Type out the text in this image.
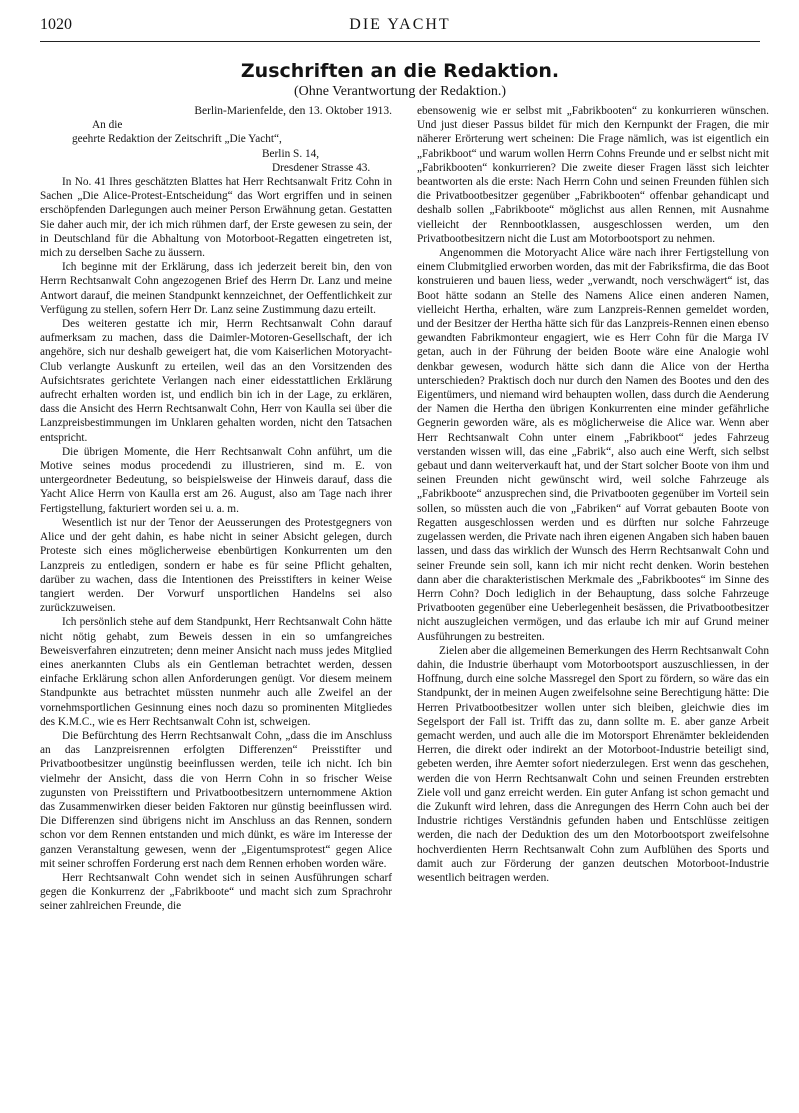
1020	DIE YACHT
Zuschriften an die Redaktion.
(Ohne Verantwortung der Redaktion.)

Berlin-Marienfelde, den 13. Oktober 1913.

An die

geehrte Redaktion der Zeitschrift „Die Yacht“,

Berlin S. 14,

Dresdener Strasse 43.

In No. 41 Ihres geschätzten Blattes hat Herr Rechtsanwalt Fritz Cohn in Sachen „Die Alice-Protest-Entscheidung“ das Wort ergriffen und in seinen erschöpfenden Darlegungen auch meiner Person Erwähnung getan. Gestatten Sie daher auch mir, der ich mich rühmen darf, der Erste gewesen zu sein, der in Deutschland für die Abhaltung von Motorboot-Regatten eingetreten ist, mich zu derselben Sache zu äussern.

Ich beginne mit der Erklärung, dass ich jederzeit bereit bin, den von Herrn Rechtsanwalt Cohn angezogenen Brief des Herrn Dr. Lanz und meine Antwort darauf, die meinen Standpunkt kennzeichnet, der Oeffentlichkeit zur Verfügung zu stellen, sofern Herr Dr. Lanz seine Zustimmung dazu erteilt.

Des weiteren gestatte ich mir, Herrn Rechtsanwalt Cohn darauf aufmerksam zu machen, dass die Daimler-Motoren-Gesellschaft, der ich angehöre, sich nur deshalb geweigert hat, die vom Kaiserlichen Motoryacht-Club verlangte Auskunft zu erteilen, weil das an den Vorsitzenden des Aufsichtsrates gerichtete Verlangen nach einer eidesstattlichen Erklärung aufrecht erhalten worden ist, und endlich bin ich in der Lage, zu erklären, dass die Ansicht des Herrn Rechtsanwalt Cohn, Herr von Kaulla sei über die Lanzpreisbestimmungen im Unklaren gehalten worden, nicht den Tatsachen entspricht.

Die übrigen Momente, die Herr Rechtsanwalt Cohn anführt, um die Motive seines modus procedendi zu illustrieren, sind m. E. von untergeordneter Bedeutung, so beispielsweise der Hinweis darauf, dass die Yacht Alice Herrn von Kaulla erst am 26. August, also am Tage nach ihrer Fertigstellung, fakturiert worden sei u. a. m.

Wesentlich ist nur der Tenor der Aeusserungen des Protestgegners von Alice und der geht dahin, es habe nicht in seiner Absicht gelegen, durch Proteste sich eines möglicherweise ebenbürtigen Konkurrenten um den Lanzpreis zu entledigen, sondern er habe es für seine Pflicht gehalten, darüber zu wachen, dass die Intentionen des Preisstifters in keiner Weise tangiert werden. Der Vorwurf unsportlichen Handelns sei also zurückzuweisen.

Ich persönlich stehe auf dem Standpunkt, Herr Rechtsanwalt Cohn hätte nicht nötig gehabt, zum Beweis dessen in ein so umfangreiches Beweisverfahren einzutreten; denn meiner Ansicht nach muss jedes Mitglied eines anerkannten Clubs als ein Gentleman betrachtet werden, dessen einfache Erklärung schon allen Anforderungen genügt. Vor diesem meinem Standpunkte aus betrachtet müssten nunmehr auch alle Zweifel an der vornehmsportlichen Gesinnung eines noch dazu so prominenten Mitgliedes des K.M.C., wie es Herr Rechtsanwalt Cohn ist, schweigen.

Die Befürchtung des Herrn Rechtsanwalt Cohn, „dass die im Anschluss an das Lanzpreisrennen erfolgten Differenzen“ Preisstifter und Privatbootbesitzer ungünstig beeinflussen werden, teile ich nicht. Ich bin vielmehr der Ansicht, dass die von Herrn Cohn in so frischer Weise zugunsten von Preisstiftern und Privatbootbesitzern unternommene Aktion das Zusammenwirken dieser beiden Faktoren nur günstig beeinflussen wird. Die Differenzen sind übrigens nicht im Anschluss an das Rennen, sondern schon vor dem Rennen entstanden und mich dünkt, es wäre im Interesse der ganzen Veranstaltung gewesen, wenn der „Eigentumsprotest“ gegen Alice mit seiner schroffen Forderung erst nach dem Rennen erhoben worden wäre.

Herr Rechtsanwalt Cohn wendet sich in seinen Ausführungen scharf gegen die Konkurrenz der „Fabrikboote“ und macht sich zum Sprachrohr seiner zahlreichen Freunde, die

ebensowenig wie er selbst mit „Fabrikbooten“ zu konkurrieren wünschen. Und just dieser Passus bildet für mich den Kernpunkt der Fragen, die mir näherer Erörterung wert scheinen: Die Frage nämlich, was ist eigentlich ein „Fabrikboot“ und warum wollen Herrn Cohns Freunde und er selbst nicht mit „Fabrikbooten“ konkurrieren? Die zweite dieser Fragen lässt sich leichter beantworten als die erste: Nach Herrn Cohn und seinen Freunden fühlen sich die Privatbootbesitzer gegenüber „Fabrikbooten“ offenbar gehandicapt und deshalb sollen „Fabrikboote“ möglichst aus allen Rennen, mit Ausnahme vielleicht der Rennbootklassen, ausgeschlossen werden, um den Privatbootbesitzern nicht die Lust am Motorbootsport zu nehmen.

Angenommen die Motoryacht Alice wäre nach ihrer Fertigstellung von einem Clubmitglied erworben worden, das mit der Fabriksfirma, die das Boot konstruieren und bauen liess, weder „verwandt, noch verschwägert“ ist, das Boot hätte sodann an Stelle des Namens Alice einen anderen Namen, vielleicht Hertha, erhalten, wäre zum Lanzpreis-Rennen gemeldet worden, und der Besitzer der Hertha hätte sich für das Lanzpreis-Rennen einen ebenso gewandten Fabrikmonteur engagiert, wie es Herr Cohn für die Marga IV getan, auch in der Führung der beiden Boote wäre eine Analogie wohl denkbar gewesen, wodurch hätte sich dann die Alice von der Hertha unterschieden? Praktisch doch nur durch den Namen des Bootes und den des Eigentümers, und niemand wird behaupten wollen, dass durch die Aenderung der Namen die Hertha den übrigen Konkurrenten eine minder gefährliche Gegnerin geworden wäre, als es möglicherweise die Alice war. Wenn aber Herr Rechtsanwalt Cohn unter einem „Fabrikboot“ jedes Fahrzeug verstanden wissen will, das eine „Fabrik“, also auch eine Werft, sich selbst gebaut und dann weiterverkauft hat, und der Start solcher Boote von ihm und seinen Freunden nicht gewünscht wird, weil solche Fahrzeuge als „Fabrikboote“ anzusprechen sind, die Privatbooten gegenüber im Vorteil sein sollen, so müssten auch die von „Fabriken“ auf Vorrat gebauten Boote von Regatten ausgeschlossen werden und es dürften nur solche Fahrzeuge zugelassen werden, die Private nach ihren eigenen Angaben sich haben bauen lassen, und dass das wirklich der Wunsch des Herrn Rechtsanwalt Cohn und seiner Freunde sein soll, kann ich mir nicht recht denken. Worin bestehen dann aber die charakteristischen Merkmale des „Fabrikbootes“ im Sinne des Herrn Cohn? Doch lediglich in der Behauptung, dass solche Fahrzeuge Privatbooten gegenüber eine Ueberlegenheit besässen, die Privatbootbesitzer nicht auszugleichen vermögen, und das erlaube ich mir auf Grund meiner Ausführungen zu bestreiten.

Zielen aber die allgemeinen Bemerkungen des Herrn Rechtsanwalt Cohn dahin, die Industrie überhaupt vom Motorbootsport auszuschliessen, in der Hoffnung, durch eine solche Massregel den Sport zu fördern, so wäre das ein Standpunkt, der in meinen Augen zweifelsohne seine Berechtigung hätte: Die Herren Privatbootbesitzer wollen unter sich bleiben, gleichwie dies im Segelsport der Fall ist. Trifft das zu, dann sollte m. E. aber ganze Arbeit gemacht werden, und auch alle die im Motorsport Ehrenämter bekleidenden Herren, die direkt oder indirekt an der Motorboot-Industrie beteiligt sind, gebeten werden, ihre Aemter sofort niederzulegen. Erst wenn das geschehen, werden die von Herrn Rechtsanwalt Cohn und seinen Freunden erstrebten Ziele voll und ganz erreicht werden. Ein guter Anfang ist schon gemacht und die Zukunft wird lehren, dass die Anregungen des Herrn Cohn auch bei der Industrie richtiges Verständnis gefunden haben und Entschlüsse zeitigen werden, die nach der Deduktion des um den Motorbootsport zweifelsohne hochverdienten Herrn Rechtsanwalt Cohn zum Aufblühen des Sports und damit auch zur Förderung der ganzen deutschen Motorboot-Industrie wesentlich beitragen werden.
